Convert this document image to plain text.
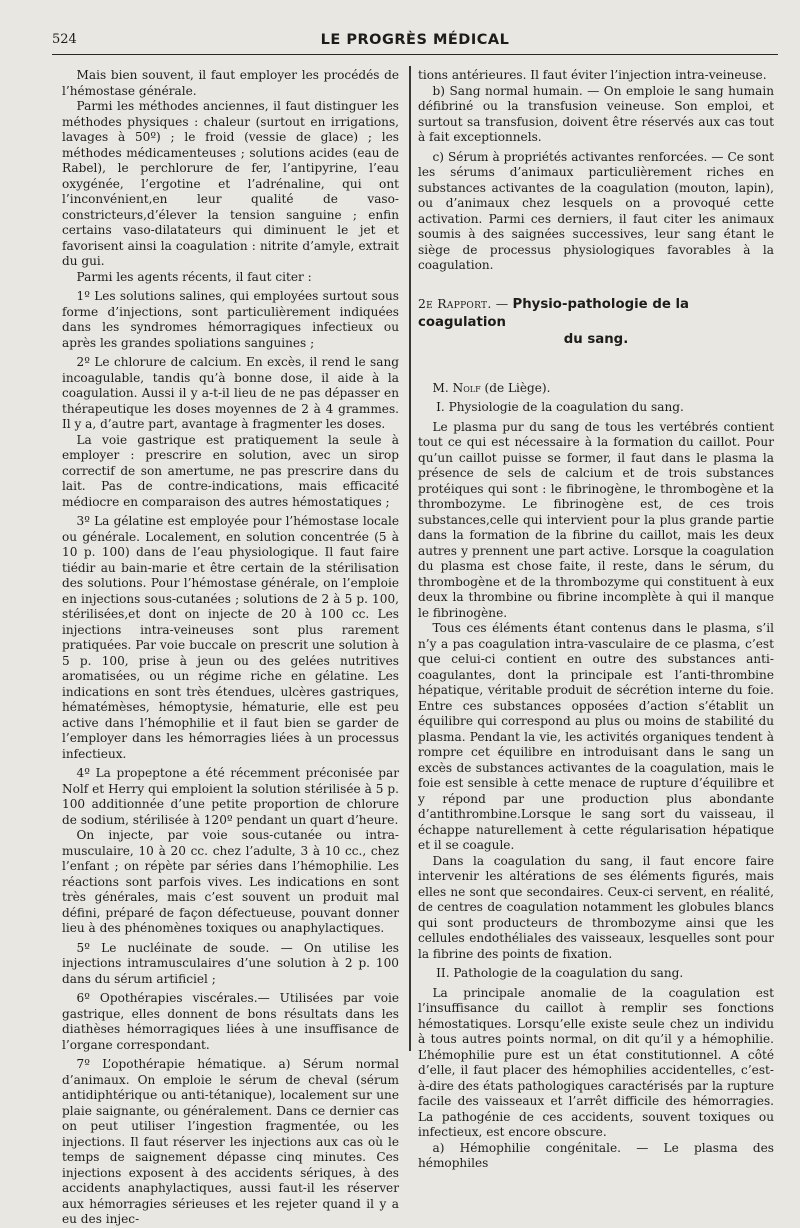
524	LE PROGRÈS MÉDICAL

Mais bien souvent, il faut employer les procédés de l’hémostase générale.

Parmi les méthodes anciennes, il faut distinguer les méthodes physiques : chaleur (surtout en irrigations, lavages à 50º) ; le froid (vessie de glace) ; les méthodes médicamenteuses ; solutions acides (eau de Rabel), le perchlorure de fer, l’antipyrine, l’eau oxygénée, l’ergotine et l’adrénaline, qui ont l’inconvénient,en leur qualité de vaso-constricteurs,d’élever la tension sanguine ; enfin certains vaso-dilatateurs qui diminuent le jet et favorisent ainsi la coagulation : nitrite d’amyle, extrait du gui.

Parmi les agents récents, il faut citer :

1º Les solutions salines, qui employées surtout sous forme d’injections, sont particulièrement indiquées dans les syndromes hémorragiques infectieux ou après les grandes spoliations sanguines ;

2º Le chlorure de calcium. En excès, il rend le sang incoagulable, tandis qu’à bonne dose, il aide à la coagulation. Aussi il y a-t-il lieu de ne pas dépasser en thérapeutique les doses moyennes de 2 à 4 grammes. Il y a, d’autre part, avantage à fragmenter les doses.

La voie gastrique est pratiquement la seule à employer : prescrire en solution, avec un sirop correctif de son amertume, ne pas prescrire dans du lait. Pas de contre-indications, mais efficacité médiocre en comparaison des autres hémostatiques ;

3º La gélatine est employée pour l’hémostase locale ou générale. Localement, en solution concentrée (5 à 10 p. 100) dans de l’eau physiologique. Il faut faire tiédir au bain-marie et être certain de la stérilisation des solutions. Pour l’hémostase générale, on l’emploie en injections sous-cutanées ; solutions de 2 à 5 p. 100, stérilisées,et dont on injecte de 20 à 100 cc. Les injections intra-veineuses sont plus rarement pratiquées. Par voie buccale on prescrit une solution à 5 p. 100, prise à jeun ou des gelées nutritives aromatisées, ou un régime riche en gélatine. Les indications en sont très étendues, ulcères gastriques, hématémèses, hémoptysie, hématurie, elle est peu active dans l’hémophilie et il faut bien se garder de l’employer dans les hémorragies liées à un processus infectieux.

4º La propeptone a été récemment préconisée par Nolf et Herry qui emploient la solution stérilisée à 5 p. 100 additionnée d’une petite proportion de chlorure de sodium, stérilisée à 120º pendant un quart d’heure.

On injecte, par voie sous-cutanée ou intra-musculaire, 10 à 20 cc. chez l’adulte, 3 à 10 cc., chez l’enfant ; on répète par séries dans l’hémophilie. Les réactions sont parfois vives. Les indications en sont très générales, mais c’est souvent un produit mal défini, préparé de façon défectueuse, pouvant donner lieu à des phénomènes toxiques ou anaphylactiques.

5º Le nucléinate de soude. — On utilise les injections intramusculaires d’une solution à 2 p. 100 dans du sérum artificiel ;

6º Opothérapies viscérales.— Utilisées par voie gastrique, elles donnent de bons résultats dans les diathèses hémorragiques liées à une insuffisance de l’organe correspondant.

7º L’opothérapie hématique. a) Sérum normal d’animaux. On emploie le sérum de cheval (sérum antidiphtérique ou anti-tétanique), localement sur une plaie saignante, ou généralement. Dans ce dernier cas on peut utiliser l’ingestion fragmentée, ou les injections. Il faut réserver les injections aux cas où le temps de saignement dépasse cinq minutes. Ces injections exposent à des accidents sériques, à des accidents anaphylactiques, aussi faut-il les réserver aux hémorragies sérieuses et les rejeter quand il y a eu des injec-

tions antérieures. Il faut éviter l’injection intra-veineuse.

b) Sang normal humain. — On emploie le sang humain défibriné ou la transfusion veineuse. Son emploi, et surtout sa transfusion, doivent être réservés aux cas tout à fait exceptionnels.

c) Sérum à propriétés activantes renforcées. — Ce sont les sérums d’animaux particulièrement riches en substances activantes de la coagulation (mouton, lapin), ou d’animaux chez lesquels on a provoqué cette activation. Parmi ces derniers, il faut citer les animaux soumis à des saignées successives, leur sang étant le siège de processus physiologiques favorables à la coagulation.

2e Rapport. — Physio-pathologie de la coagulation
du sang.

M. Nolf (de Liège).

I. Physiologie de la coagulation du sang.

Le plasma pur du sang de tous les vertébrés contient tout ce qui est nécessaire à la formation du caillot. Pour qu’un caillot puisse se former, il faut dans le plasma la présence de sels de calcium et de trois substances protéiques qui sont : le fibrinogène, le thrombogène et la thrombozyme. Le fibrinogène est, de ces trois substances,celle qui intervient pour la plus grande partie dans la formation de la fibrine du caillot, mais les deux autres y prennent une part active. Lorsque la coagulation du plasma est chose faite, il reste, dans le sérum, du thrombogène et de la thrombozyme qui constituent à eux deux la thrombine ou fibrine incomplète à qui il manque le fibrinogène.

Tous ces éléments étant contenus dans le plasma, s’il n’y a pas coagulation intra-vasculaire de ce plasma, c’est que celui-ci contient en outre des substances anti-coagulantes, dont la principale est l’anti-thrombine hépatique, véritable produit de sécrétion interne du foie. Entre ces substances opposées d’action s’établit un équilibre qui correspond au plus ou moins de stabilité du plasma. Pendant la vie, les activités organiques tendent à rompre cet équilibre en introduisant dans le sang un excès de substances activantes de la coagulation, mais le foie est sensible à cette menace de rupture d’équilibre et y répond par une production plus abondante d’antithrombine.Lorsque le sang sort du vaisseau, il échappe naturellement à cette régularisation hépatique et il se coagule.

Dans la coagulation du sang, il faut encore faire intervenir les altérations de ses éléments figurés, mais elles ne sont que secondaires. Ceux-ci servent, en réalité, de centres de coagulation notamment les globules blancs qui sont producteurs de thrombozyme ainsi que les cellules endothéliales des vaisseaux, lesquelles sont pour la fibrine des points de fixation.

II. Pathologie de la coagulation du sang.

La principale anomalie de la coagulation est l’insuffisance du caillot à remplir ses fonctions hémostatiques. Lorsqu’elle existe seule chez un individu à tous autres points normal, on dit qu’il y a hémophilie. L’hémophilie pure est un état constitutionnel. A côté d’elle, il faut placer des hémophilies accidentelles, c’est-à-dire des états pathologiques caractérisés par la rupture facile des vaisseaux et l’arrêt difficile des hémorragies. La pathogénie de ces accidents, souvent toxiques ou infectieux, est encore obscure.

a) Hémophilie congénitale. — Le plasma des hémophiles
